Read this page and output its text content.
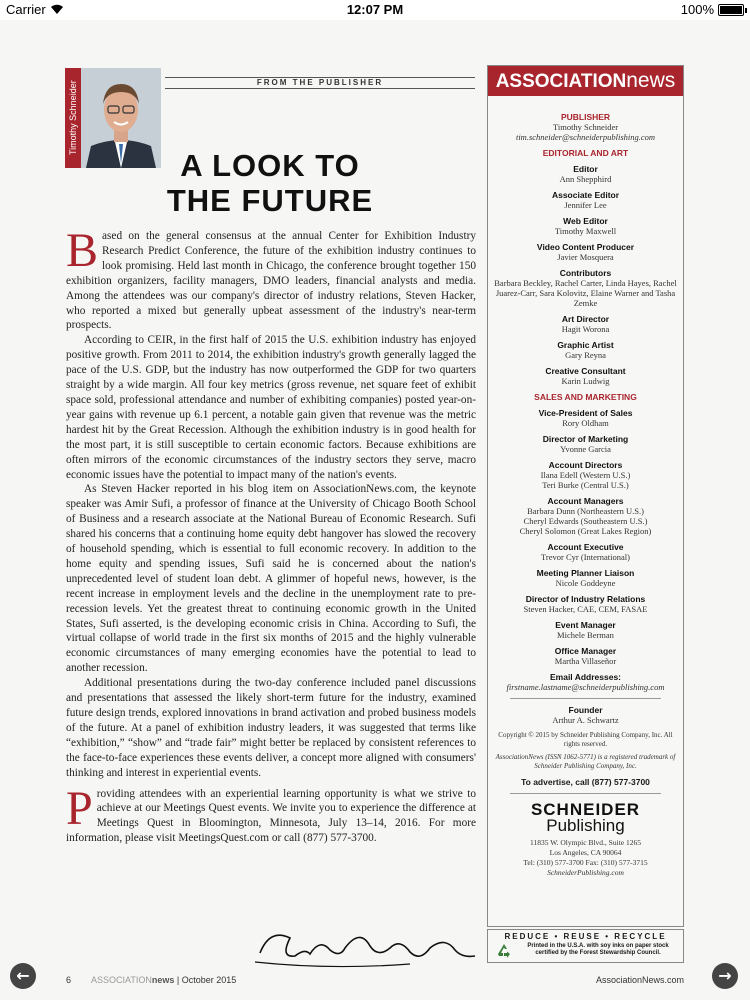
Carrier	12:07 PM	100%
Timothy Schneider	FROM THE PUBLISHER
A LOOK TO THE FUTURE

Based on the general consensus at the annual Center for Exhibition Industry Research Predict Conference, the future of the exhibition industry continues to look promising. Held last month in Chicago, the conference brought together 150 exhibition organizers, facility managers, DMO leaders, financial analysts and media. Among the attendees was our company's director of industry relations, Steven Hacker, who reported a mixed but generally upbeat assessment of the industry's near-term prospects.

According to CEIR, in the first half of 2015 the U.S. exhibition industry has enjoyed positive growth. From 2011 to 2014, the exhibition industry's growth generally lagged the pace of the U.S. GDP, but the industry has now outperformed the GDP for two quarters straight by a wide margin. All four key metrics (gross revenue, net square feet of exhibit space sold, professional attendance and number of exhibiting companies) posted year-on-year gains with revenue up 6.1 percent, a notable gain given that revenue was the metric hardest hit by the Great Recession. Although the exhibition industry is in good health for the most part, it is still susceptible to certain economic factors. Because exhibitions are often mirrors of the economic circumstances of the industry sectors they serve, macro economic issues have the potential to impact many of the nation's events.

As Steven Hacker reported in his blog item on AssociationNews.com, the keynote speaker was Amir Sufi, a professor of finance at the University of Chicago Booth School of Business and a research associate at the National Bureau of Economic Research. Sufi shared his concerns that a continuing home equity debt hangover has slowed the recovery of household spending, which is essential to full economic recovery. In addition to the home equity and spending issues, Sufi said he is concerned about the nation's unprecedented level of student loan debt. A glimmer of hopeful news, however, is the recent increase in employment levels and the decline in the unemployment rate to pre-recession levels. Yet the greatest threat to continuing economic growth in the United States, Sufi asserted, is the developing economic crisis in China. According to Sufi, the virtual collapse of world trade in the first six months of 2015 and the highly vulnerable economic circumstances of many emerging economies have the potential to lead to another recession.

Additional presentations during the two-day conference included panel discussions and presentations that assessed the likely short-term future for the industry, examined future design trends, explored innovations in brand activation and probed business models of the future. At a panel of exhibition industry leaders, it was suggested that terms like “exhibition,” “show” and “trade fair” might better be replaced by consistent references to the face-to-face experiences these events deliver, a concept more aligned with consumers' thinking and interest in experiential events.

Providing attendees with an experiential learning opportunity is what we strive to achieve at our Meetings Quest events. We invite you to experience the difference at Meetings Quest in Bloomington, Minnesota, July 13–14, 2016. For more information, please visit MeetingsQuest.com or call (877) 577-3700.

ASSOCIATIONnews
PUBLISHER
Timothy Schneider
tim.schneider@schneiderpublishing.com
EDITORIAL AND ART
Editor
Ann Shepphird
Associate Editor
Jennifer Lee
Web Editor
Timothy Maxwell
Video Content Producer
Javier Mosquera
Contributors
Barbara Beckley, Rachel Carter, Linda Hayes, Rachel Juarez-Carr, Sara Kolovitz, Elaine Warner and Tasha Zemke
Art Director
Hagit Worona
Graphic Artist
Gary Reyna
Creative Consultant
Karin Ludwig
SALES AND MARKETING
Vice-President of Sales
Rory Oldham
Director of Marketing
Yvonne Garcia
Account Directors
Ilana Edell (Western U.S.)
Teri Burke (Central U.S.)
Account Managers
Barbara Dunn (Northeastern U.S.)
Cheryl Edwards (Southeastern U.S.)
Cheryl Solomon (Great Lakes Region)
Account Executive
Trevor Cyr (International)
Meeting Planner Liaison
Nicole Goddeyne
Director of Industry Relations
Steven Hacker, CAE, CEM, FASAE
Event Manager
Michele Berman
Office Manager
Martha Villaseñor
Email Addresses:
firstname.lastname@schneiderpublishing.com
Founder
Arthur A. Schwartz
Copyright © 2015 by Schneider Publishing Company, Inc. All rights reserved.
AssociationNews (ISSN 1062-5771) is a registered trademark of Schneider Publishing Company, Inc.
To advertise, call (877) 577-3700
SCHNEIDER
Publishing
11835 W. Olympic Blvd., Suite 1265
Los Angeles, CA 90064
Tel: (310) 577-3700 Fax: (310) 577-3715
SchneiderPublishing.com
REDUCE • REUSE • RECYCLE
Printed in the U.S.A. with soy inks on paper stock certified by the Forest Stewardship Council.
6 ASSOCIATIONnews | October 2015	AssociationNews.com
←	→
